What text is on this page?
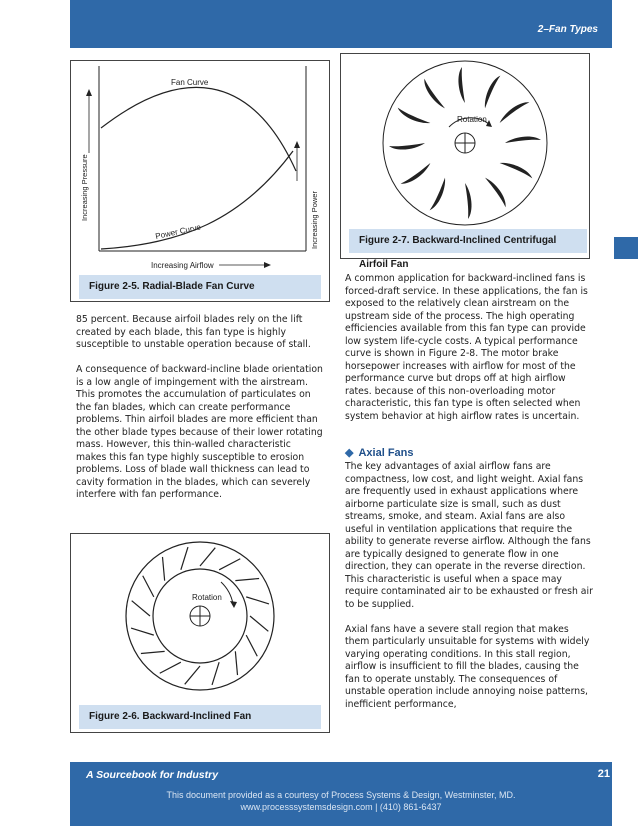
2–Fan Types
Fan Curve
Power Curve
Increasing Pressure	Increasing Power
Increasing Airflow
Figure 2-5. Radial-Blade Fan Curve

85 percent. Because airfoil blades rely on the lift created by each blade, this fan type is highly susceptible to unstable operation because of stall.

A consequence of backward-incline blade orientation is a low angle of impingement with the airstream. This promotes the accumulation of particulates on the fan blades, which can create performance problems. Thin airfoil blades are more efficient than the other blade types because of their lower rotating mass. However, this thin-walled characteristic makes this fan type highly susceptible to erosion problems. Loss of blade wall thickness can lead to cavity formation in the blades, which can severely interfere with fan performance.

Rotation
Figure 2-6. Backward-Inclined Fan
Rotation
Figure 2-7. Backward-Inclined Centrifugal Airfoil Fan

A common application for backward-inclined fans is forced-draft service. In these applications, the fan is exposed to the relatively clean airstream on the upstream side of the process. The high operating efficiencies available from this fan type can provide low system life-cycle costs. A typical performance curve is shown in Figure 2-8. The motor brake horsepower increases with airflow for most of the performance curve but drops off at high airflow rates. because of this non-overloading motor characteristic, this fan type is often selected when system behavior at high airflow rates is uncertain.

◆ Axial Fans

The key advantages of axial airflow fans are compactness, low cost, and light weight. Axial fans are frequently used in exhaust applications where airborne particulate size is small, such as dust streams, smoke, and steam. Axial fans are also useful in ventilation applications that require the ability to generate reverse airflow. Although the fans are typically designed to generate flow in one direction, they can operate in the reverse direction. This characteristic is useful when a space may require contaminated air to be exhausted or fresh air to be supplied.

Axial fans have a severe stall region that makes them particularly unsuitable for systems with widely varying operating conditions. In this stall region, airflow is insufficient to fill the blades, causing the fan to operate unstably. The consequences of unstable operation include annoying noise patterns, inefficient performance,

A Sourcebook for Industry	21
This document provided as a courtesy of Process Systems & Design, Westminster, MD.
www.processsystemsdesign.com | (410) 861-6437
